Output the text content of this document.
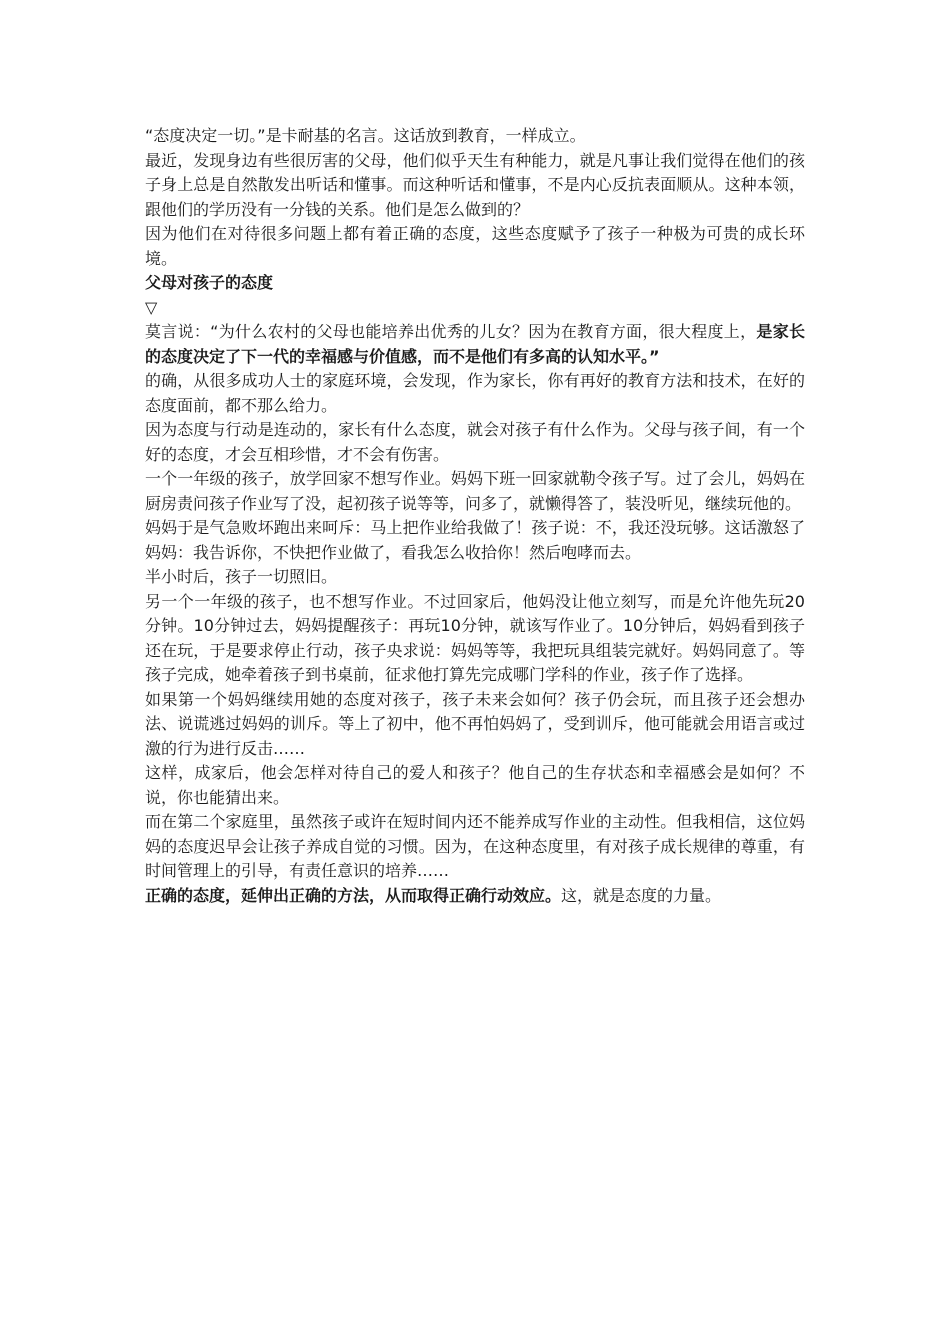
“态度决定一切。”是卡耐基的名言。这话放到教育，一样成立。

最近，发现身边有些很厉害的父母，他们似乎天生有种能力，就是凡事让我们觉得在他们的孩子身上总是自然散发出听话和懂事。而这种听话和懂事，不是内心反抗表面顺从。这种本领，跟他们的学历没有一分钱的关系。他们是怎么做到的？

因为他们在对待很多问题上都有着正确的态度，这些态度赋予了孩子一种极为可贵的成长环境。

父母对孩子的态度

▽

莫言说：“为什么农村的父母也能培养出优秀的儿女？因为在教育方面，很大程度上，是家长的态度决定了下一代的幸福感与价值感，而不是他们有多高的认知水平。”

的确，从很多成功人士的家庭环境，会发现，作为家长，你有再好的教育方法和技术，在好的态度面前，都不那么给力。

因为态度与行动是连动的，家长有什么态度，就会对孩子有什么作为。父母与孩子间，有一个好的态度，才会互相珍惜，才不会有伤害。

一个一年级的孩子，放学回家不想写作业。妈妈下班一回家就勒令孩子写。过了会儿，妈妈在厨房责问孩子作业写了没，起初孩子说等等，问多了，就懒得答了，装没听见，继续玩他的。

妈妈于是气急败坏跑出来呵斥：马上把作业给我做了！孩子说：不，我还没玩够。这话激怒了妈妈：我告诉你，不快把作业做了，看我怎么收拾你！然后咆哮而去。

半小时后，孩子一切照旧。

另一个一年级的孩子，也不想写作业。不过回家后，他妈没让他立刻写，而是允许他先玩20分钟。10分钟过去，妈妈提醒孩子：再玩10分钟，就该写作业了。10分钟后，妈妈看到孩子还在玩，于是要求停止行动，孩子央求说：妈妈等等，我把玩具组装完就好。妈妈同意了。等孩子完成，她牵着孩子到书桌前，征求他打算先完成哪门学科的作业，孩子作了选择。

如果第一个妈妈继续用她的态度对孩子，孩子未来会如何？孩子仍会玩，而且孩子还会想办法、说谎逃过妈妈的训斥。等上了初中，他不再怕妈妈了，受到训斥，他可能就会用语言或过激的行为进行反击……

这样，成家后，他会怎样对待自己的爱人和孩子？他自己的生存状态和幸福感会是如何？不说，你也能猜出来。

而在第二个家庭里，虽然孩子或许在短时间内还不能养成写作业的主动性。但我相信，这位妈妈的态度迟早会让孩子养成自觉的习惯。因为，在这种态度里，有对孩子成长规律的尊重，有时间管理上的引导，有责任意识的培养……

正确的态度，延伸出正确的方法，从而取得正确行动效应。这，就是态度的力量。
